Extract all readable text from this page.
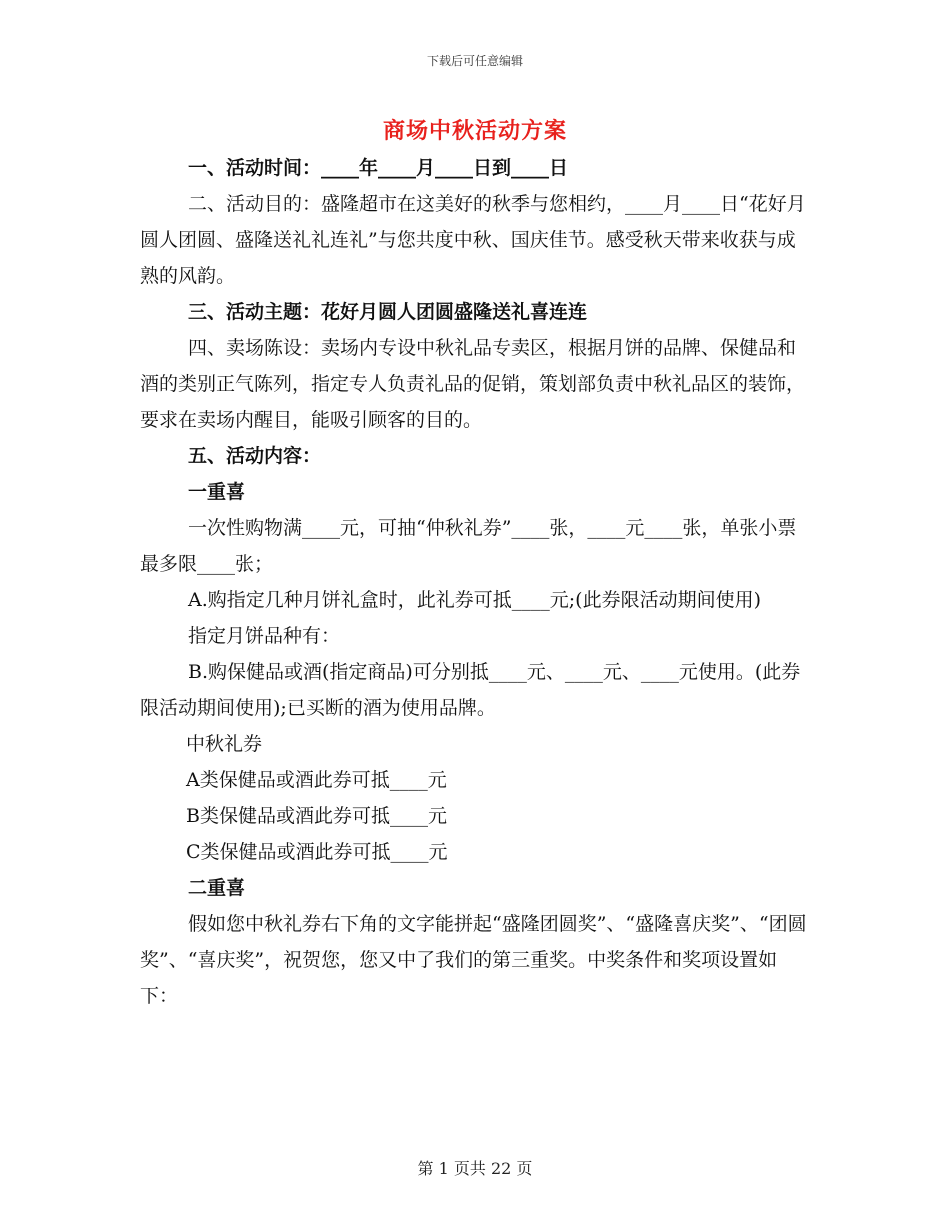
下载后可任意编辑
商场中秋活动方案

一、活动时间：____年____月____日到____日

二、活动目的：盛隆超市在这美好的秋季与您相约，____月____日“花好月圆人团圆、盛隆送礼礼连礼”与您共度中秋、国庆佳节。感受秋天带来收获与成熟的风韵。

三、活动主题：花好月圆人团圆盛隆送礼喜连连

四、卖场陈设：卖场内专设中秋礼品专卖区，根据月饼的品牌、保健品和酒的类别正气陈列，指定专人负责礼品的促销，策划部负责中秋礼品区的装饰，要求在卖场内醒目，能吸引顾客的目的。

五、活动内容：

一重喜

一次性购物满____元，可抽“仲秋礼券”____张，____元____张，单张小票最多限____张；

A.购指定几种月饼礼盒时，此礼券可抵____元;(此券限活动期间使用)

指定月饼品种有：

B.购保健品或酒(指定商品)可分别抵____元、____元、____元使用。(此券限活动期间使用);已买断的酒为使用品牌。

中秋礼券

A类保健品或酒此券可抵____元

B类保健品或酒此券可抵____元

C类保健品或酒此券可抵____元

二重喜

假如您中秋礼券右下角的文字能拼起“盛隆团圆奖”、“盛隆喜庆奖”、“团圆奖”、“喜庆奖”，祝贺您，您又中了我们的第三重奖。中奖条件和奖项设置如下：

第 1 页共 22 页
